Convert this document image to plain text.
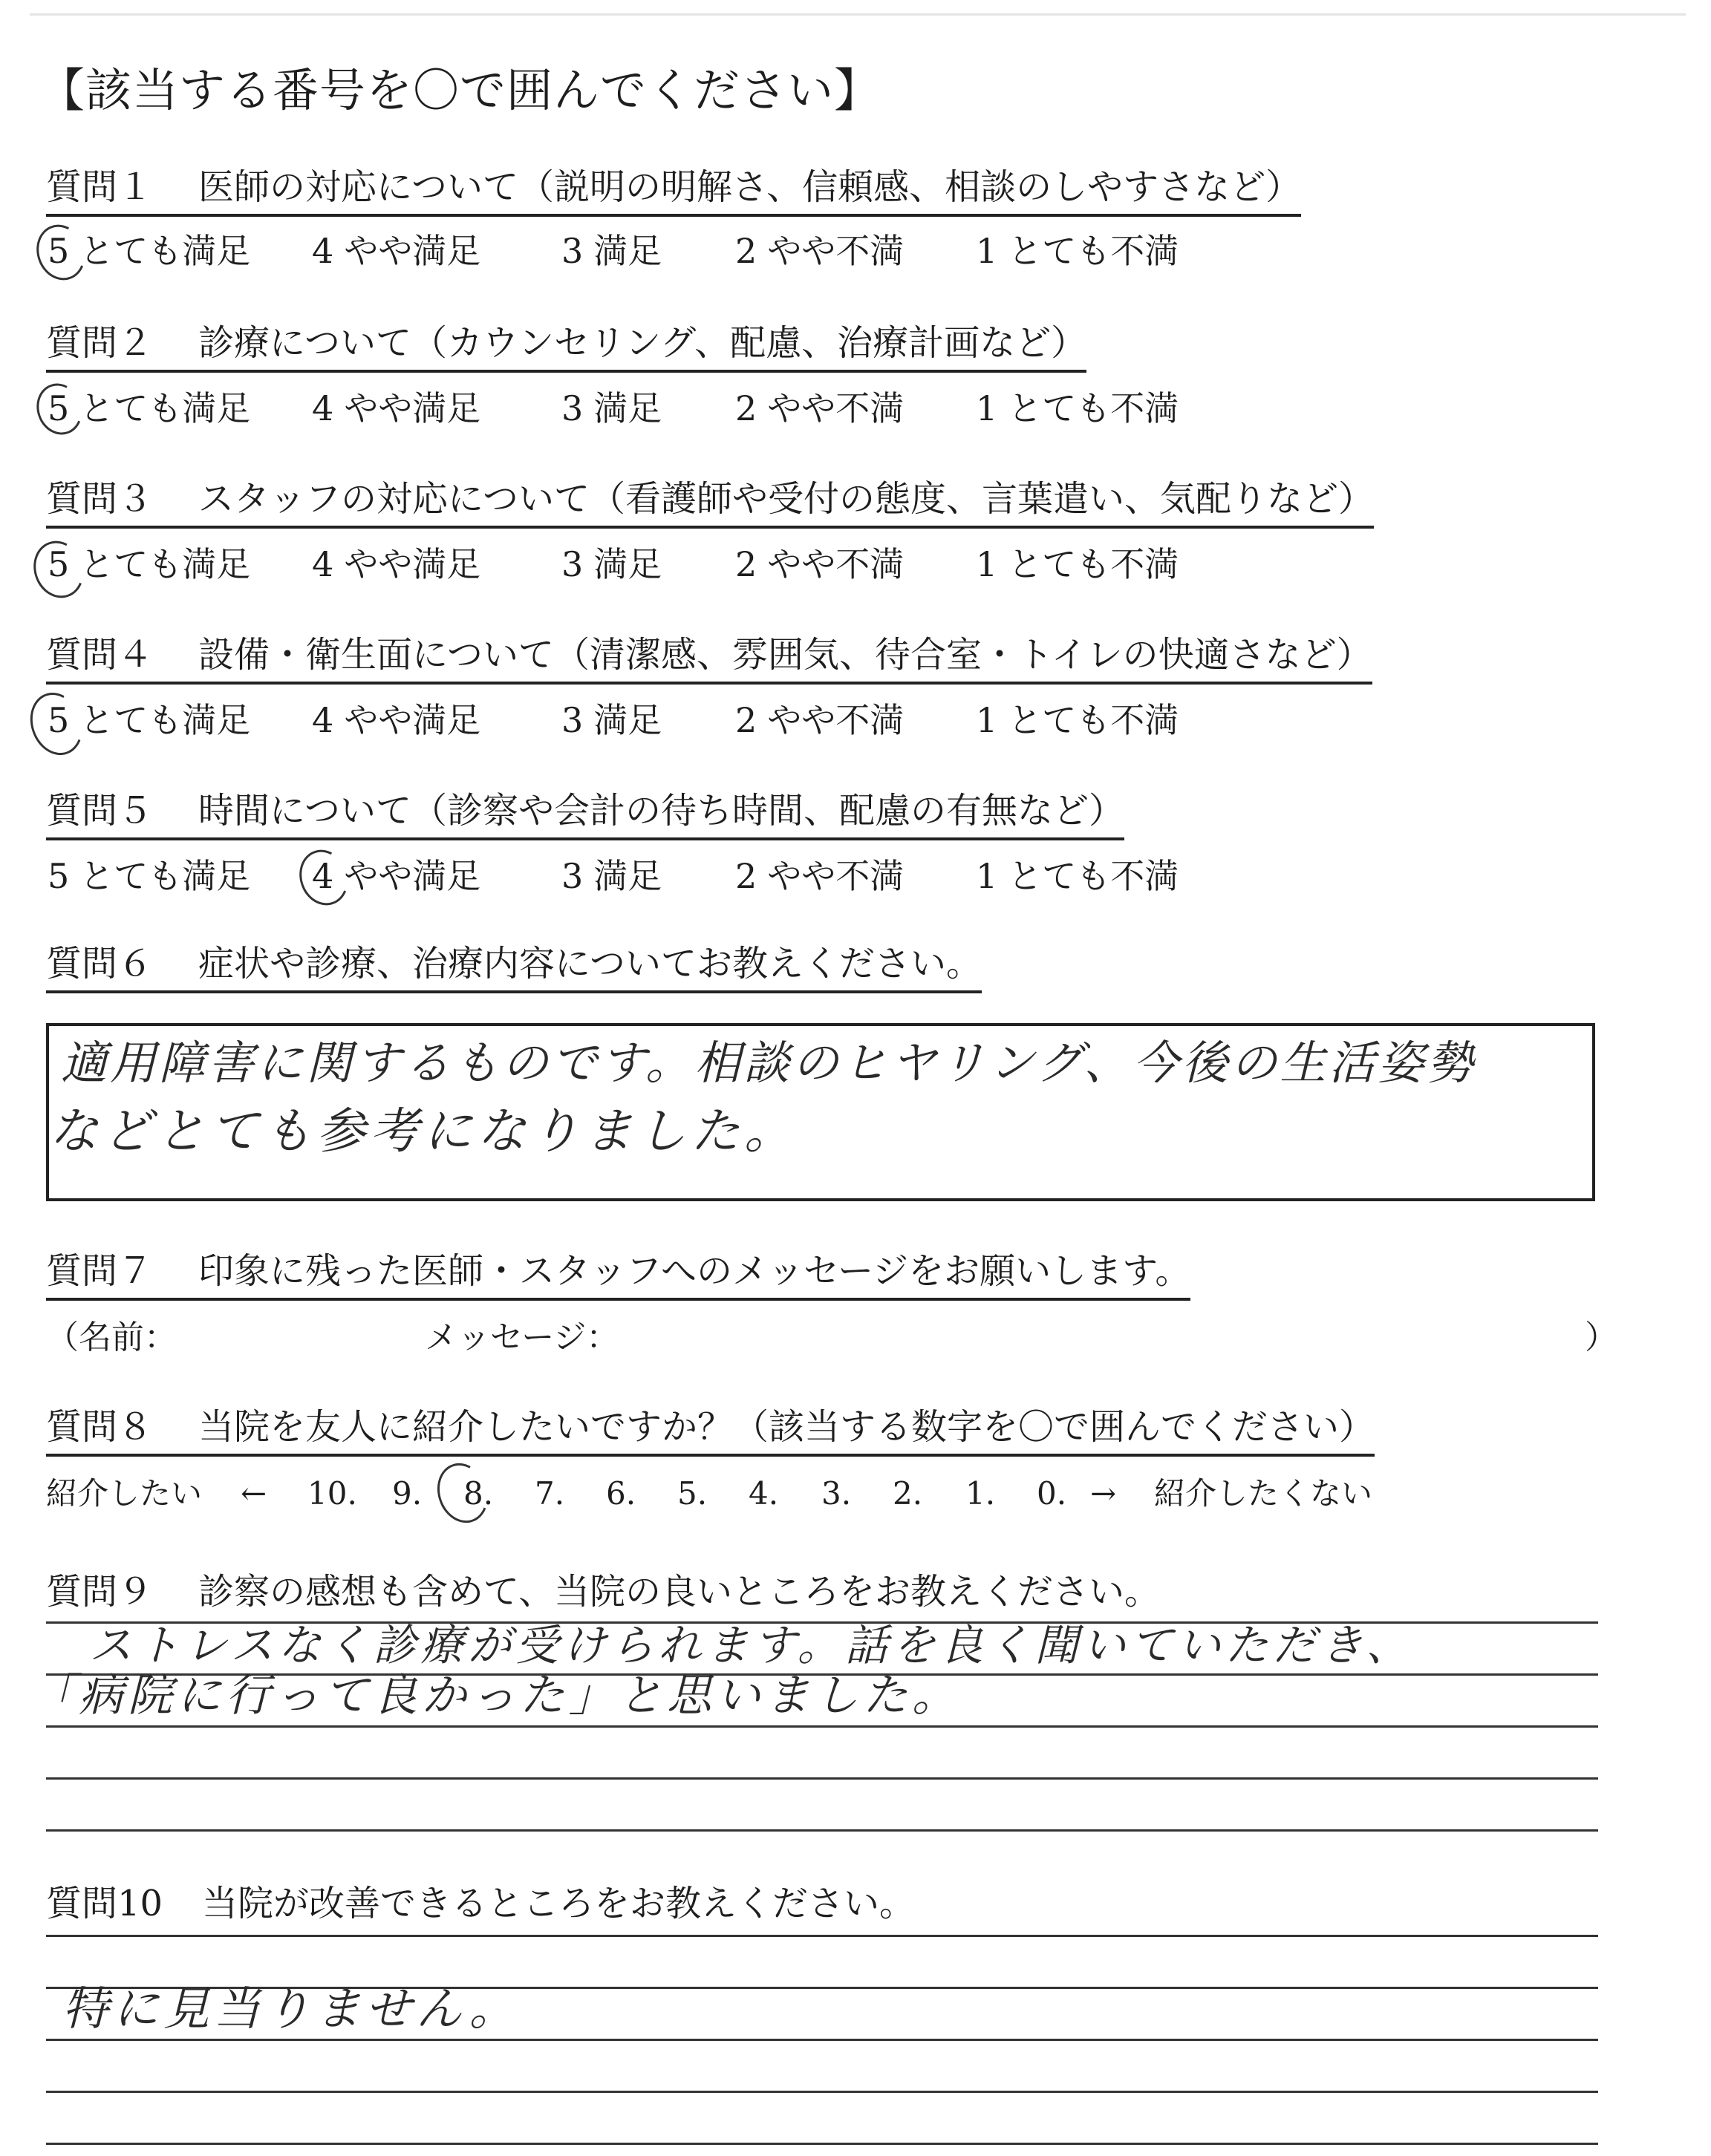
【該当する番号を〇で囲んでください】
質問１ 医師の対応について（説明の明解さ、信頼感、相談のしやすさなど）
5 とても満足 4 やや満足 3 満足 2 やや不満 1 とても不満
質問２ 診療について（カウンセリング、配慮、治療計画など）
5 とても満足 4 やや満足 3 満足 2 やや不満 1 とても不満
質問３ スタッフの対応について（看護師や受付の態度、言葉遣い、気配りなど）
5 とても満足 4 やや満足 3 満足 2 やや不満 1 とても不満
質問４ 設備・衛生面について（清潔感、雰囲気、待合室・トイレの快適さなど）
5 とても満足 4 やや満足 3 満足 2 やや不満 1 とても不満
質問５ 時間について（診察や会計の待ち時間、配慮の有無など）
5 とても満足 4 やや満足 3 満足 2 やや不満 1 とても不満
質問６ 症状や診療、治療内容についてお教えください。
適用障害に関するものです。相談のヒヤリング、今後の生活姿勢
などとても参考になりました。
質問７ 印象に残った医師・スタッフへのメッセージをお願いします。
（名前：	メッセージ：	）
質問８ 当院を友人に紹介したいですか？（該当する数字を〇で囲んでください）
紹介したい ← 10. 9. 8. 7. 6. 5. 4. 3. 2. 1. 0. → 紹介したくない
質問９ 診察の感想も含めて、当院の良いところをお教えください。
ストレスなく診療が受けられます。話を良く聞いていただき、
「病院に行って良かった」と思いました。
質問10 当院が改善できるところをお教えください。
特に見当りません。
